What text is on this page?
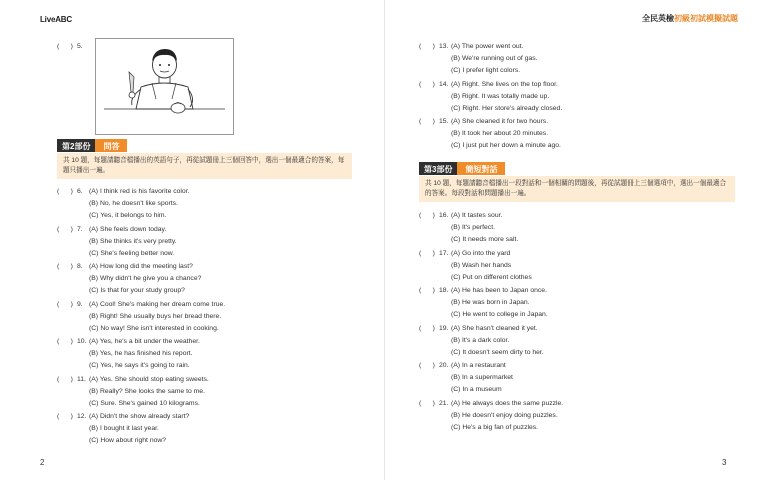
LiveABC
(      ) 5.
第2部份	問答
共 10 題，每題請聽音檔播出的英語句子，再從試題冊上三個回答中，選出一個最適合的答案，每題只播出一遍。
(      ) 6. (A) I think red is his favorite color.
(B) No, he doesn't like sports.
(C) Yes, it belongs to him.
(      ) 7. (A) She feels down today.
(B) She thinks it's very pretty.
(C) She's feeling better now.
(      ) 8. (A) How long did the meeting last?
(B) Why didn't he give you a chance?
(C) Is that for your study group?
(      ) 9. (A) Cool! She's making her dream come true.
(B) Right! She usually buys her bread there.
(C) No way! She isn't interested in cooking.
(      ) 10. (A) Yes, he's a bit under the weather.
(B) Yes, he has finished his report.
(C) Yes, he says it's going to rain.
(      ) 11. (A) Yes. She should stop eating sweets.
(B) Really? She looks the same to me.
(C) Sure. She's gained 10 kilograms.
(      ) 12. (A) Didn't the show already start?
(B) I bought it last year.
(C) How about right now?
2
全民英檢初級初試模擬試題
(      ) 13. (A) The power went out.
(B) We're running out of gas.
(C) I prefer light colors.
(      ) 14. (A) Right. She lives on the top floor.
(B) Right. It was totally made up.
(C) Right. Her store's already closed.
(      ) 15. (A) She cleaned it for two hours.
(B) It took her about 20 minutes.
(C) I just put her down a minute ago.
第3部份	簡短對話
共 10 題，每題請聽音檔播出一段對話和一個相關的問題後，再從試題冊上三個選項中，選出一個最適合的答案。每段對話和問題播出一遍。
(      ) 16. (A) It tastes sour.
(B) It's perfect.
(C) It needs more salt.
(      ) 17. (A) Go into the yard
(B) Wash her hands
(C) Put on different clothes
(      ) 18. (A) He has been to Japan once.
(B) He was born in Japan.
(C) He went to college in Japan.
(      ) 19. (A) She hasn't cleaned it yet.
(B) It's a dark color.
(C) It doesn't seem dirty to her.
(      ) 20. (A) In a restaurant
(B) In a supermarket
(C) In a museum
(      ) 21. (A) He always does the same puzzle.
(B) He doesn't enjoy doing puzzles.
(C) He's a big fan of puzzles.
3
